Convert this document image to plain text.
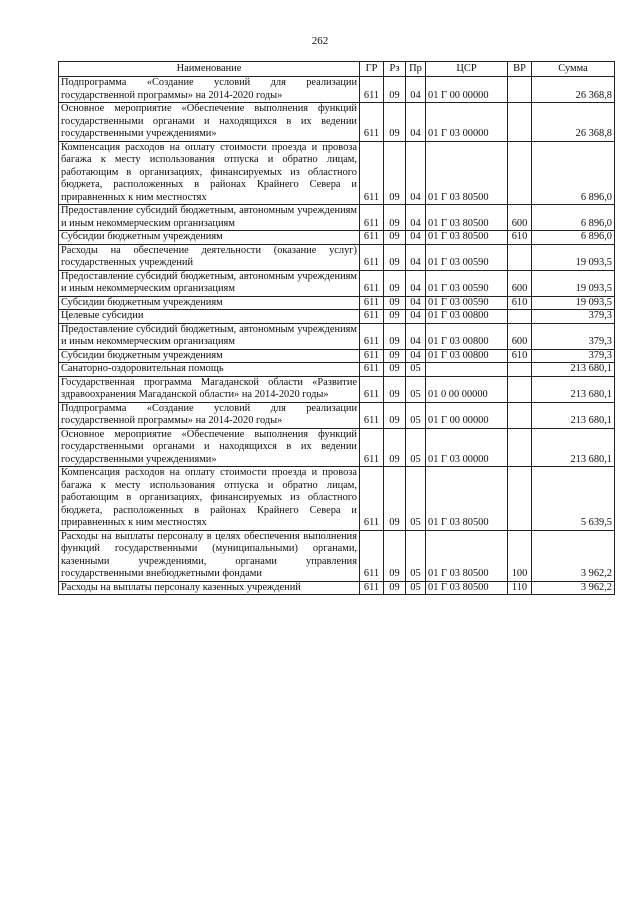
262
Наименование	ГР	Рз	Пр	ЦСР	ВР	Сумма
Подпрограмма «Создание условий для реализации государственной программы» на 2014-2020 годы»	611	09	04	01 Г 00 00000		26 368,8
Основное мероприятие «Обеспечение выполнения функций государственными органами и находящихся в их ведении государственными учреждениями»	611	09	04	01 Г 03 00000		26 368,8
Компенсация расходов на оплату стоимости проезда и провоза багажа к месту использования отпуска и обратно лицам, работающим в организациях, финансируемых из областного бюджета, расположенных в районах Крайнего Севера и приравненных к ним местностях	611	09	04	01 Г 03 80500		6 896,0
Предоставление субсидий бюджетным, автономным учреждениям и иным некоммерческим организациям	611	09	04	01 Г 03 80500	600	6 896,0
Субсидии бюджетным учреждениям	611	09	04	01 Г 03 80500	610	6 896,0
Расходы на обеспечение деятельности (оказание услуг) государственных учреждений	611	09	04	01 Г 03 00590		19 093,5
Предоставление субсидий бюджетным, автономным учреждениям и иным некоммерческим организациям	611	09	04	01 Г 03 00590	600	19 093,5
Субсидии бюджетным учреждениям	611	09	04	01 Г 03 00590	610	19 093,5
Целевые субсидии	611	09	04	01 Г 03 00800		379,3
Предоставление субсидий бюджетным, автономным учреждениям и иным некоммерческим организациям	611	09	04	01 Г 03 00800	600	379,3
Субсидии бюджетным учреждениям	611	09	04	01 Г 03 00800	610	379,3
Санаторно-оздоровительная помощь	611	09	05			213 680,1
Государственная программа Магаданской области «Развитие здравоохранения Магаданской области» на 2014-2020 годы»	611	09	05	01 0 00 00000		213 680,1
Подпрограмма «Создание условий для реализации государственной программы» на 2014-2020 годы»	611	09	05	01 Г 00 00000		213 680,1
Основное мероприятие «Обеспечение выполнения функций государственными органами и находящихся в их ведении государственными учреждениями»	611	09	05	01 Г 03 00000		213 680,1
Компенсация расходов на оплату стоимости проезда и провоза багажа к месту использования отпуска и обратно лицам, работающим в организациях, финансируемых из областного бюджета, расположенных в районах Крайнего Севера и приравненных к ним местностях	611	09	05	01 Г 03 80500		5 639,5
Расходы на выплаты персоналу в целях обеспечения выполнения функций государственными (муниципальными) органами, казенными учреждениями, органами управления государственными внебюджетными фондами	611	09	05	01 Г 03 80500	100	3 962,2
Расходы на выплаты персоналу казенных учреждений	611	09	05	01 Г 03 80500	110	3 962,2
